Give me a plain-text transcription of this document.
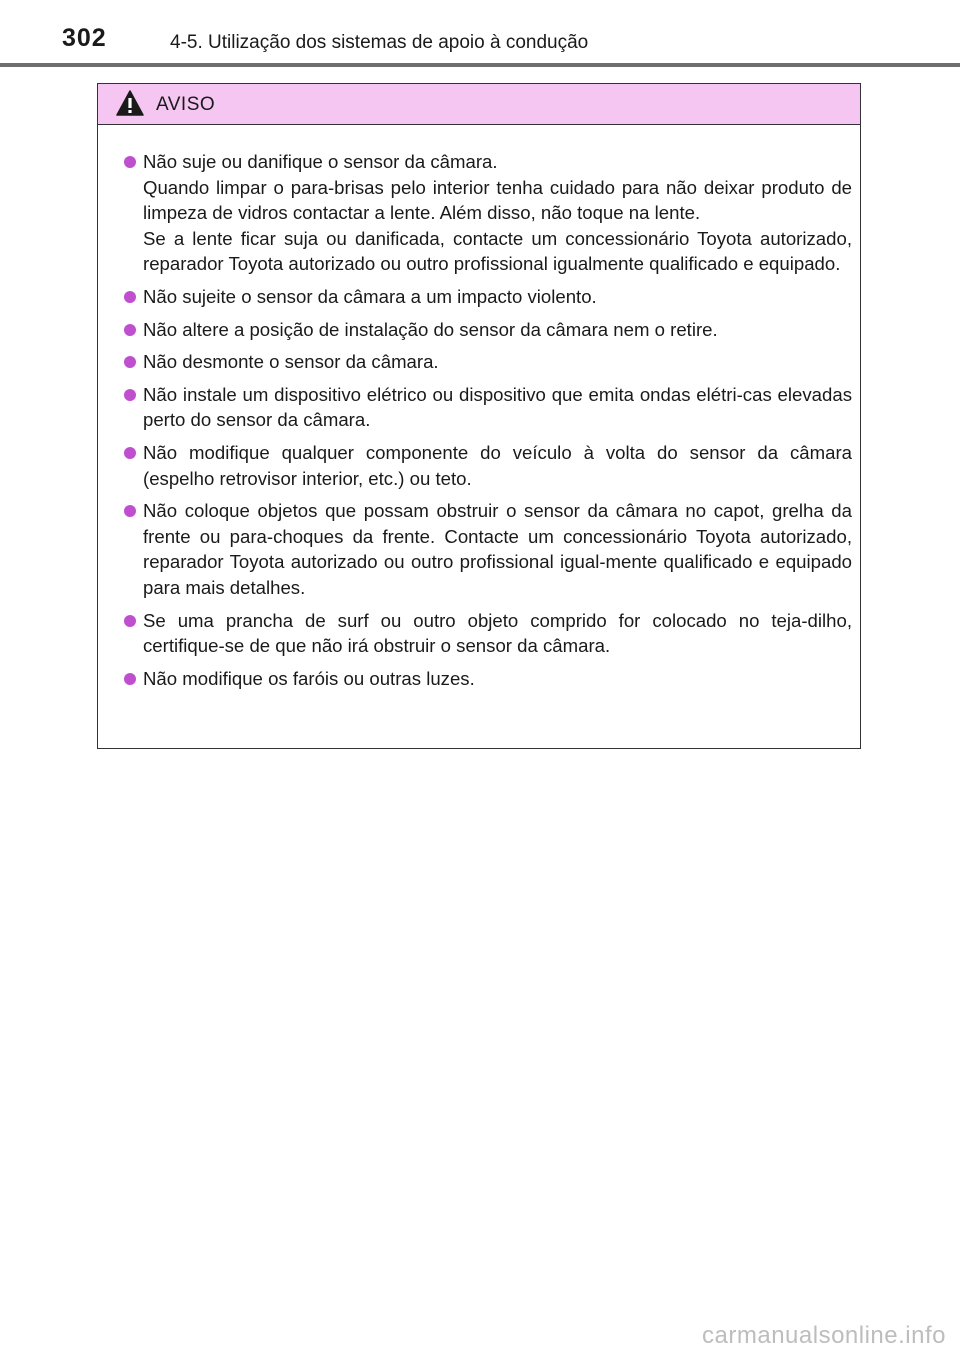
302	4-5. Utilização dos sistemas de apoio à condução
AVISO
Não suje ou danifique o sensor da câmara.
Quando limpar o para-brisas pelo interior tenha cuidado para não deixar produto de limpeza de vidros contactar a lente. Além disso, não toque na lente.
Se a lente ficar suja ou danificada, contacte um concessionário Toyota autorizado, reparador Toyota autorizado ou outro profissional igualmente qualificado e equipado.
Não sujeite o sensor da câmara a um impacto violento.
Não altere a posição de instalação do sensor da câmara nem o retire.
Não desmonte o sensor da câmara.
Não instale um dispositivo elétrico ou dispositivo que emita ondas elétri-cas elevadas perto do sensor da câmara.
Não modifique qualquer componente do veículo à volta do sensor da câmara (espelho retrovisor interior, etc.) ou teto.
Não coloque objetos que possam obstruir o sensor da câmara no capot, grelha da frente ou para-choques da frente. Contacte um concessionário Toyota autorizado, reparador Toyota autorizado ou outro profissional igual-mente qualificado e equipado para mais detalhes.
Se uma prancha de surf ou outro objeto comprido for colocado no teja-dilho, certifique-se de que não irá obstruir o sensor da câmara.
Não modifique os faróis ou outras luzes.
carmanualsonline.info
